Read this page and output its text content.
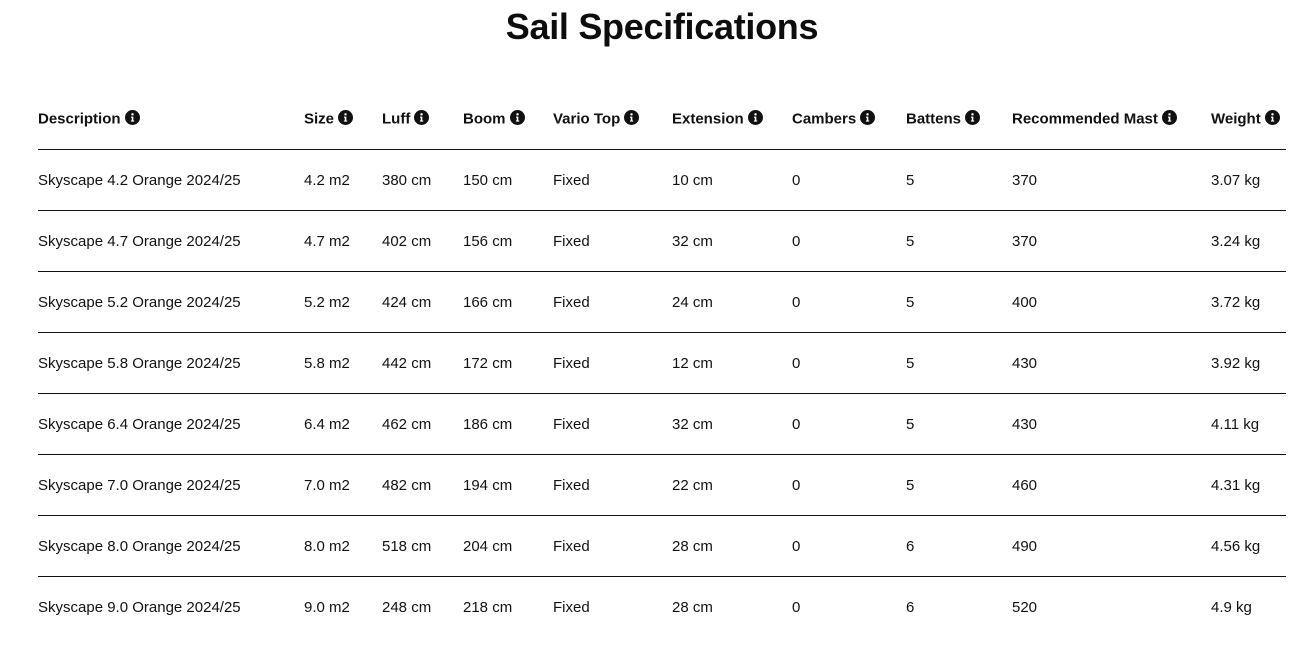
Sail Specifications
Description	Size	Luff	Boom	Vario Top	Extension	Cambers	Battens	Recommended Mast	Weight
Skyscape 4.2 Orange 2024/25	4.2 m2	380 cm	150 cm	Fixed	10 cm	0	5	370	3.07 kg
Skyscape 4.7 Orange 2024/25	4.7 m2	402 cm	156 cm	Fixed	32 cm	0	5	370	3.24 kg
Skyscape 5.2 Orange 2024/25	5.2 m2	424 cm	166 cm	Fixed	24 cm	0	5	400	3.72 kg
Skyscape 5.8 Orange 2024/25	5.8 m2	442 cm	172 cm	Fixed	12 cm	0	5	430	3.92 kg
Skyscape 6.4 Orange 2024/25	6.4 m2	462 cm	186 cm	Fixed	32 cm	0	5	430	4.11 kg
Skyscape 7.0 Orange 2024/25	7.0 m2	482 cm	194 cm	Fixed	22 cm	0	5	460	4.31 kg
Skyscape 8.0 Orange 2024/25	8.0 m2	518 cm	204 cm	Fixed	28 cm	0	6	490	4.56 kg
Skyscape 9.0 Orange 2024/25	9.0 m2	248 cm	218 cm	Fixed	28 cm	0	6	520	4.9 kg
